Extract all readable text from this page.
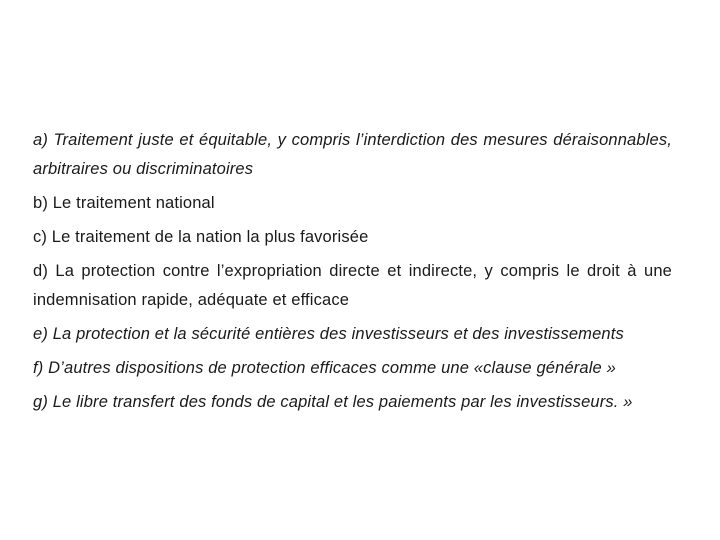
a) Traitement juste et équitable, y compris l’interdiction des mesures déraisonnables, arbitraires ou discriminatoires

b) Le traitement national

c) Le traitement de la nation la plus favorisée

d) La protection contre l’expropriation directe et indirecte, y compris le droit à une indemnisation rapide, adéquate et efficace

e) La protection et la sécurité entières des investisseurs et des investissements

f) D’autres dispositions de protection efficaces comme une «clause générale »

g) Le libre transfert des fonds de capital et les paiements par les investisseurs. »
